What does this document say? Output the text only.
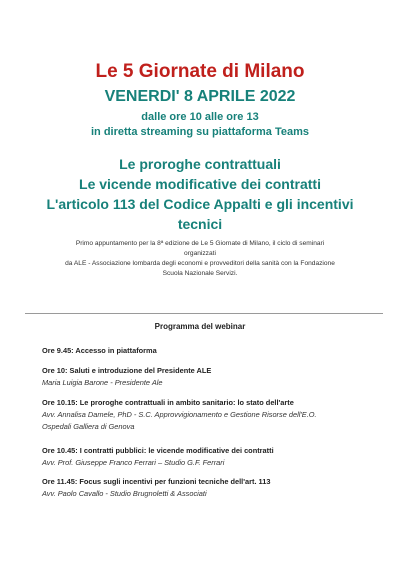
Le 5 Giornate di Milano
VENERDI' 8 APRILE 2022
dalle ore 10 alle ore 13
in diretta streaming su piattaforma Teams
Le proroghe contrattuali
Le vicende modificative dei contratti
L'articolo 113 del Codice Appalti e gli incentivi
tecnici
Primo appuntamento per la 8ª edizione de Le 5 Giornate di Milano, il ciclo di seminari organizzati
da ALE - Associazione lombarda degli economi e provveditori della sanità con la Fondazione
Scuola Nazionale Servizi.
Programma del webinar
Ore 9.45: Accesso in piattaforma
Ore 10: Saluti e introduzione del Presidente ALE
Maria Luigia Barone - Presidente Ale
Ore 10.15: Le proroghe contrattuali in ambito sanitario: lo stato dell'arte
Avv. Annalisa Damele, PhD - S.C. Approvvigionamento e Gestione Risorse dell'E.O.
Ospedali Galliera di Genova
Ore 10.45: I contratti pubblici: le vicende modificative dei contratti
Avv. Prof. Giuseppe Franco Ferrari – Studio G.F. Ferrari
Ore 11.45: Focus sugli incentivi per funzioni tecniche dell'art. 113
Avv. Paolo Cavallo - Studio Brugnoletti & Associati
